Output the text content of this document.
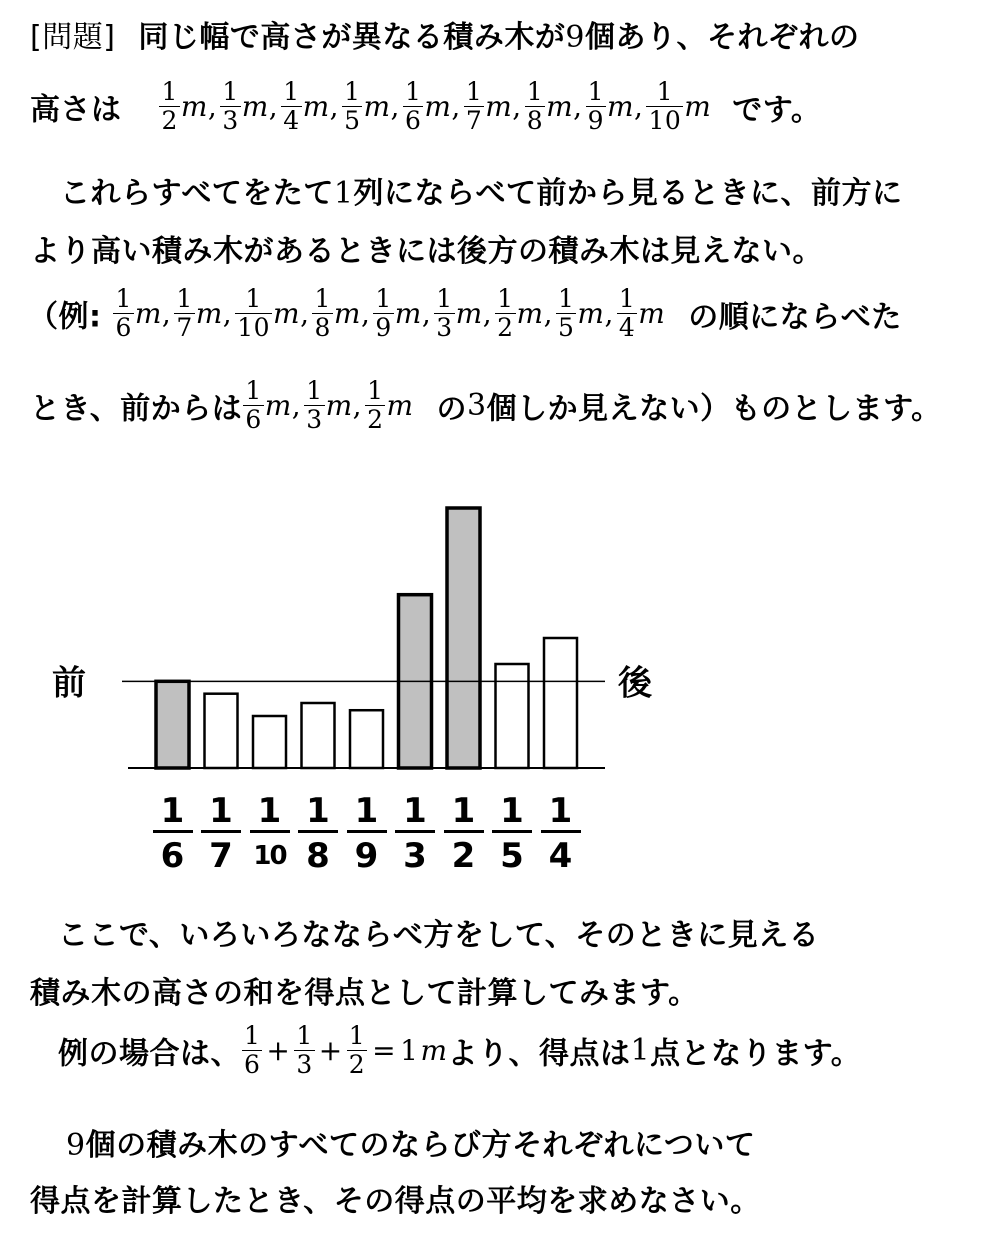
[問題] 同じ幅で高さが異なる積み木が9個あり、それぞれの
高さは $\frac{1}{2} m$, $\frac{1}{3} m$, $\frac{1}{4} m$, $\frac{1}{5} m$, $\frac{1}{6} m$, $\frac{1}{7} m$, $\frac{1}{8} m$, $\frac{1}{9} m$, $\frac{1}{10}$ m です。
これらすべてをたて1列にならべて前から見るときに、前方に
より高い積み木があるときには後方の積み木は見えない。
（例: $\frac{1}{6} m$, $\frac{1}{7} m$, $\frac{1}{10} m$, $\frac{1}{8} m$, $\frac{1}{9} m$, $\frac{1}{3} m$, $\frac{1}{2} m$, $\frac{1}{5} m$, $\frac{1}{4}$ m の順にならべた
とき、前からは $\frac{1}{6} m$, $\frac{1}{3} m$, $\frac{1}{2}$ m の3個しか見えない）ものとします。
前	後
$\frac{1}{6} \frac{1}{7} 1$
$10 \frac{1}{8} \frac{1}{9} \frac{1}{3} \frac{1}{2} \frac{1}{5} \frac{1}{4}$
ここで、いろいろなならべ方をして、そのときに見える
積み木の高さの和を得点として計算してみます。
例の場合は、 $\frac{1}{6} + \frac{1}{3} + \frac{1}{2} = 1m$より、得点は1点となります。
9個の積み木のすべてのならび方それぞれについて
得点を計算したとき、その得点の平均を求めなさい。
